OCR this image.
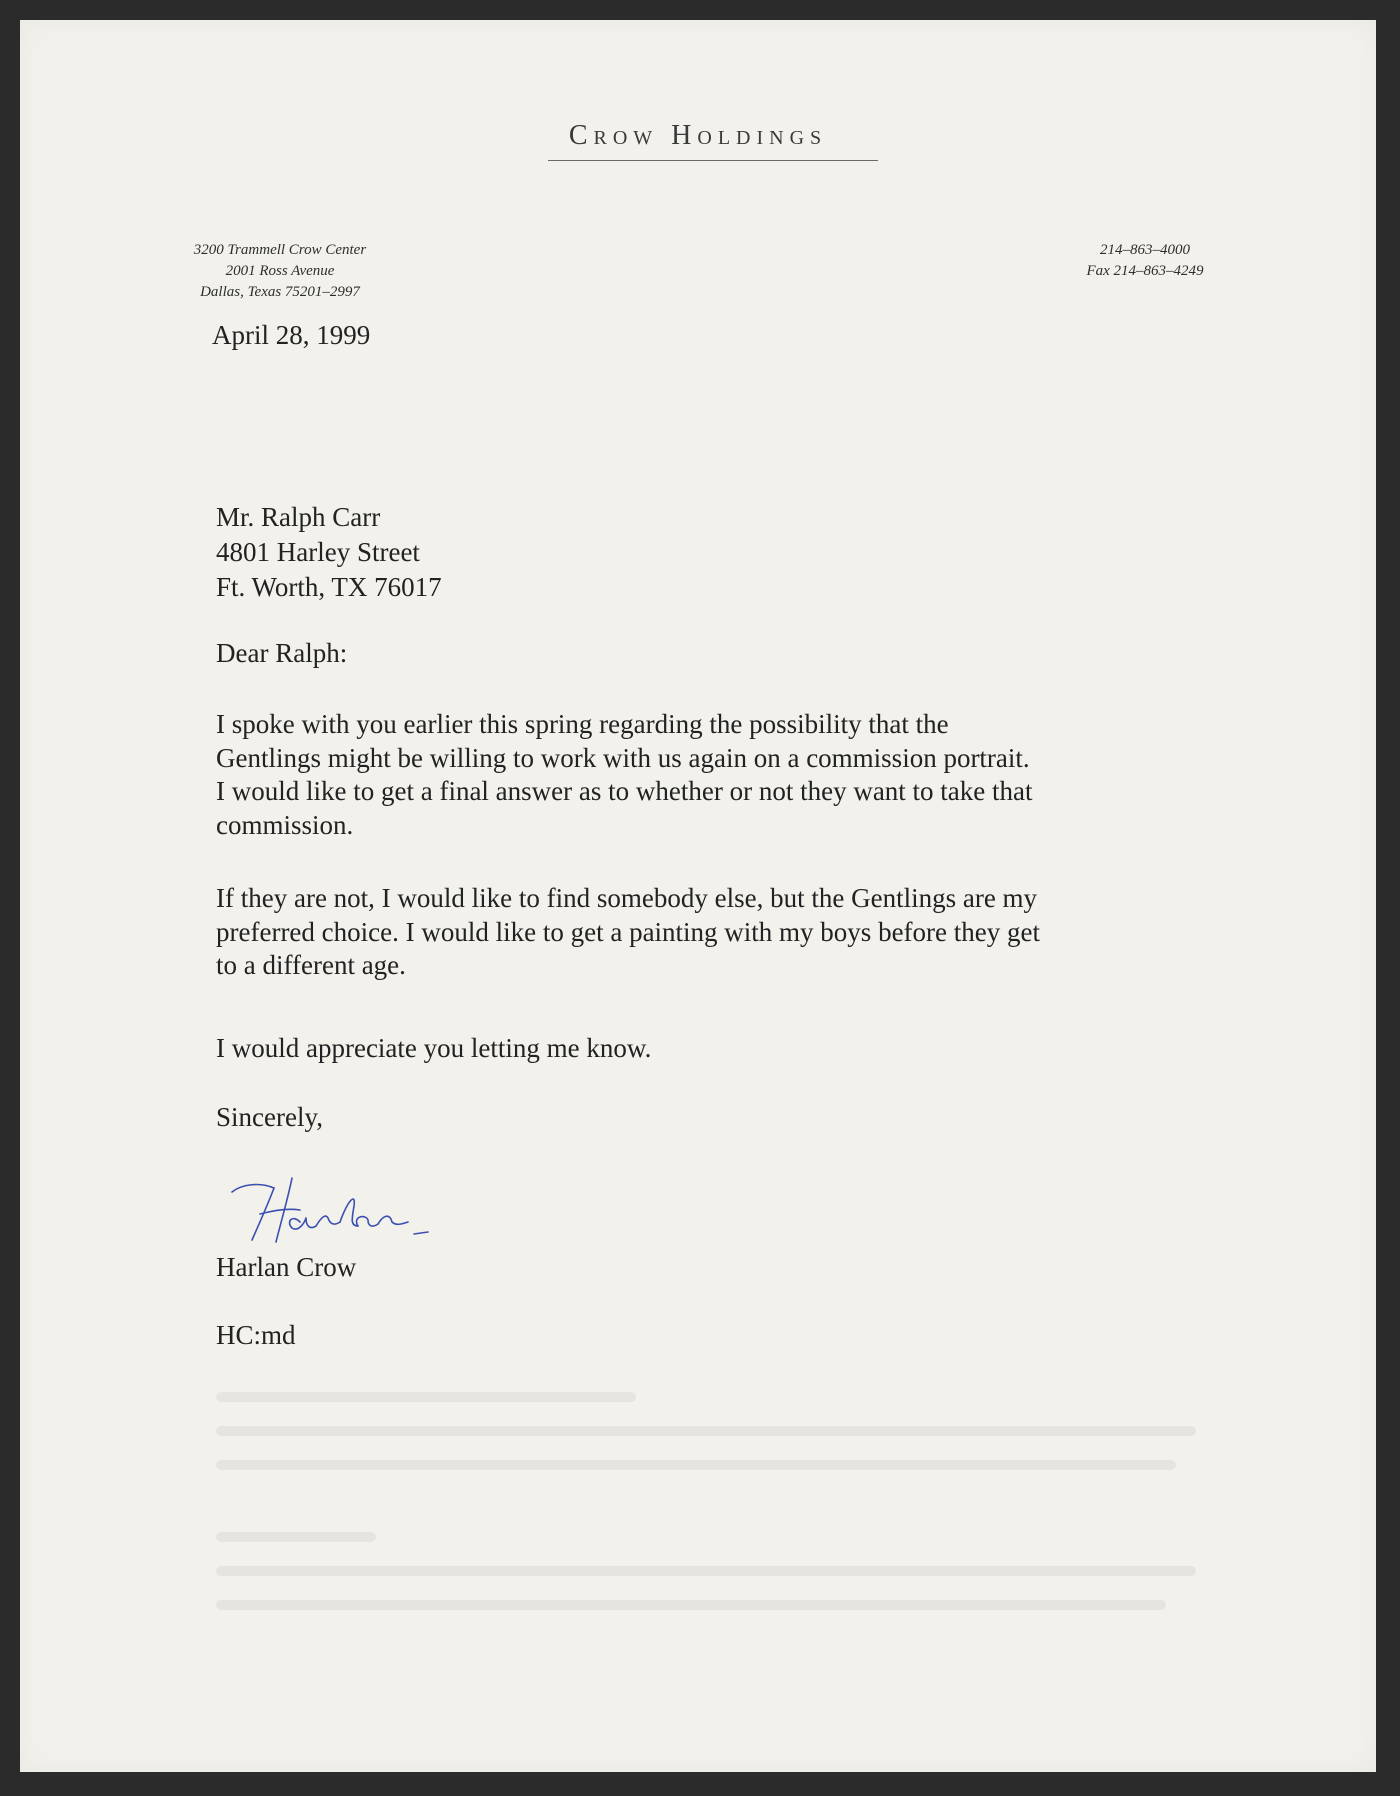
Crow Holdings
3200 Trammell Crow Center
2001 Ross Avenue
Dallas, Texas 75201–2997
214–863–4000
Fax 214–863–4249
April 28, 1999
Mr. Ralph Carr
4801 Harley Street
Ft. Worth, TX 76017
Dear Ralph:
I spoke with you earlier this spring regarding the possibility that the
Gentlings might be willing to work with us again on a commission portrait.
I would like to get a final answer as to whether or not they want to take that
commission.
If they are not, I would like to find somebody else, but the Gentlings are my
preferred choice. I would like to get a painting with my boys before they get
to a different age.
I would appreciate you letting me know.
Sincerely,
Harlan Crow
HC:md
